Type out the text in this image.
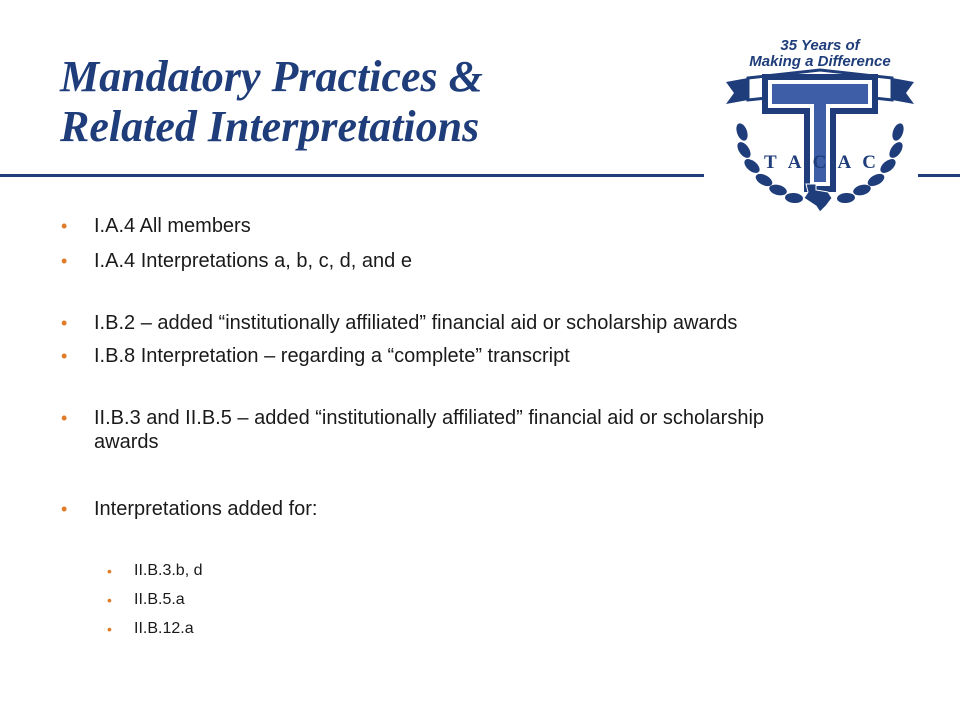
Mandatory Practices &
Related Interpretations
35 Years of
Making a Difference
T A C A C
• I.A.4 All members
• I.A.4 Interpretations a, b, c, d, and e
• I.B.2 – added “institutionally affiliated” financial aid or scholarship awards
• I.B.8 Interpretation – regarding a “complete” transcript
• II.B.3 and II.B.5 – added “institutionally affiliated” financial aid or scholarship awards
• Interpretations added for:
• II.B.3.b, d
• II.B.5.a
• II.B.12.a
